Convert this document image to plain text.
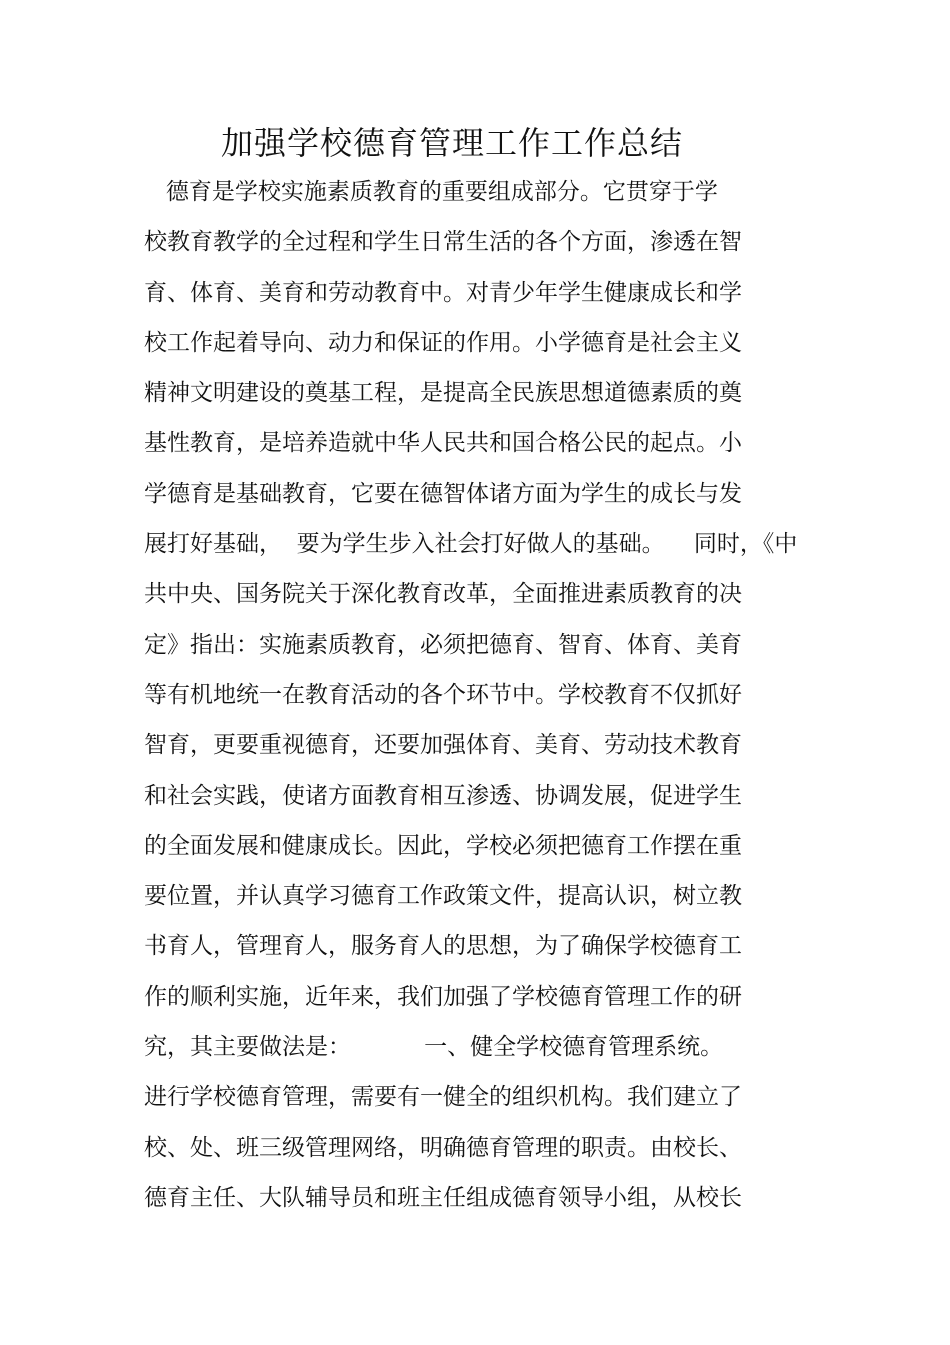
加强学校德育管理工作工作总结
德育是学校实施素质教育的重要组成部分。它贯穿于学
校教育教学的全过程和学生日常生活的各个方面，渗透在智
育、体育、美育和劳动教育中。对青少年学生健康成长和学
校工作起着导向、动力和保证的作用。小学德育是社会主义
精神文明建设的奠基工程，是提高全民族思想道德素质的奠
基性教育，是培养造就中华人民共和国合格公民的起点。小
学德育是基础教育，它要在德智体诸方面为学生的成长与发
展打好基础，  要为学生步入社会打好做人的基础。    同时，《中
共中央、国务院关于深化教育改革，全面推进素质教育的决
定》指出：实施素质教育，必须把德育、智育、体育、美育
等有机地统一在教育活动的各个环节中。学校教育不仅抓好
智育，更要重视德育，还要加强体育、美育、劳动技术教育
和社会实践，使诸方面教育相互渗透、协调发展，促进学生
的全面发展和健康成长。因此，学校必须把德育工作摆在重
要位置，并认真学习德育工作政策文件，提高认识，树立教
书育人，管理育人，服务育人的思想，为了确保学校德育工
作的顺利实施，近年来，我们加强了学校德育管理工作的研
究，其主要做法是：          一、健全学校德育管理系统。
进行学校德育管理，需要有一健全的组织机构。我们建立了
校、处、班三级管理网络，明确德育管理的职责。由校长、
德育主任、大队辅导员和班主任组成德育领导小组，从校长
